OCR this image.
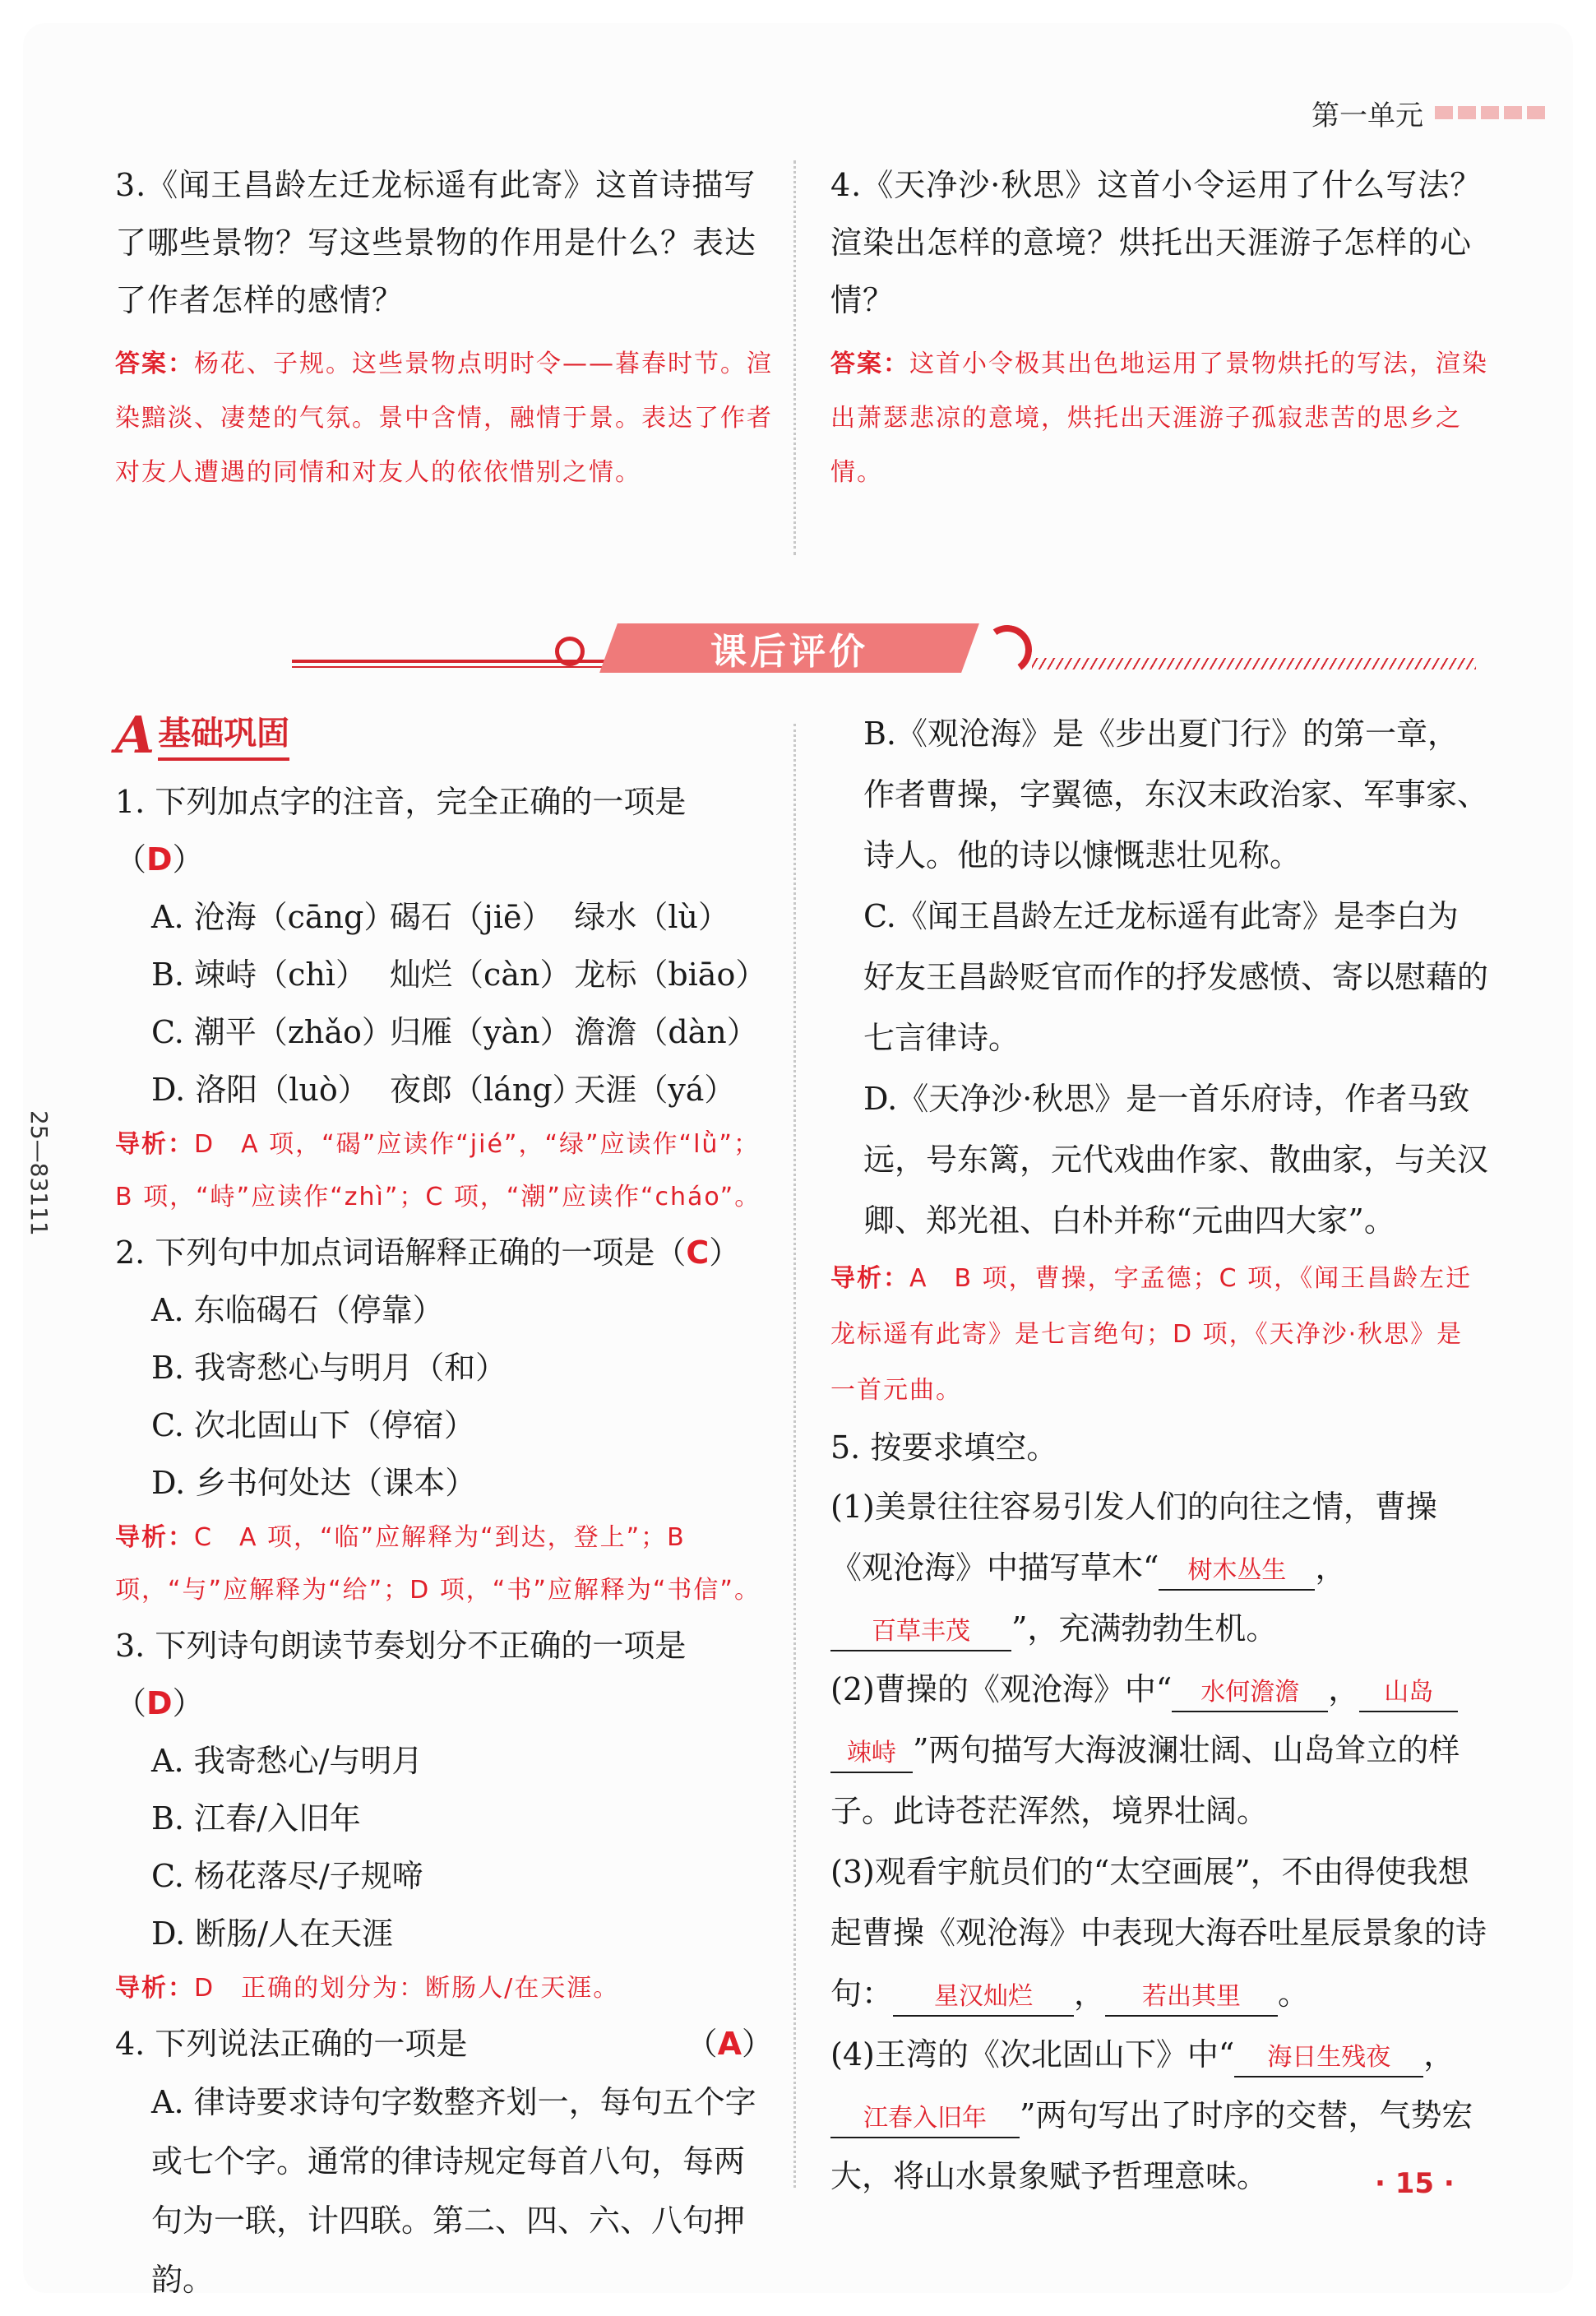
第一单元
3.《闻王昌龄左迁龙标遥有此寄》这首诗描写了哪些景物？写这些景物的作用是什么？表达了作者怎样的感情？
答案：杨花、子规。这些景物点明时令——暮春时节。渲染黯淡、凄楚的气氛。景中含情，融情于景。表达了作者对友人遭遇的同情和对友人的依依惜别之情。
4.《天净沙·秋思》这首小令运用了什么写法？渲染出怎样的意境？烘托出天涯游子怎样的心情？
答案：这首小令极其出色地运用了景物烘托的写法，渲染出萧瑟悲凉的意境，烘托出天涯游子孤寂悲苦的思乡之情。
课后评价
A 基础巩固
1. 下列加点字的注音，完全正确的一项是（D）
A. 沧海（cāng）
碣石（jiē） 绿水（lù）
B. 竦峙（chì） 灿烂（càn） 龙标（biāo）
C. 潮平（zhǎo）
归雁（yàn） 澹澹（dàn）
D. 洛阳（luò） 夜郎（láng）
天涯（yá）
导析：D　A 项，“碣”应读作“jié”，“绿”应读作“lǜ”；B 项，“峙”应读作“zhì”；C 项，“潮”应读作“cháo”。
2. 下列句中加点词语解释正确的一项是（C）
A. 东临碣石（停靠）
B. 我寄愁心与明月（和）
C. 次北固山下（停宿）
D. 乡书何处达（课本）
导析：C　A 项，“临”应解释为“到达，登上”；B 项，“与”应解释为“给”；D 项，“书”应解释为“书信”。
3. 下列诗句朗读节奏划分不正确的一项是（D）
A. 我寄愁心/与明月
B. 江春/入旧年
C. 杨花落尽/子规啼
D. 断肠/人在天涯
导析：D　正确的划分为：断肠人/在天涯。
4. 下列说法正确的一项是	（A）
A. 律诗要求诗句字数整齐划一，每句五个字或七个字。通常的律诗规定每首八句，每两句为一联，计四联。第二、四、六、八句押韵。
B.《观沧海》是《步出夏门行》的第一章，作者曹操，字翼德，东汉末政治家、军事家、诗人。他的诗以慷慨悲壮见称。
C.《闻王昌龄左迁龙标遥有此寄》是李白为好友王昌龄贬官而作的抒发感愤、寄以慰藉的七言律诗。
D.《天净沙·秋思》是一首乐府诗，作者马致远，号东篱，元代戏曲作家、散曲家，与关汉卿、郑光祖、白朴并称“元曲四大家”。
导析：A　B 项，曹操，字孟德；C 项，《闻王昌龄左迁龙标遥有此寄》是七言绝句；D 项，《天净沙·秋思》是一首元曲。
5. 按要求填空。
(1)美景往往容易引发人们的向往之情，曹操《观沧海》中描写草木“ 树木丛生 ，
百草丰茂 ”，充满勃勃生机。
(2)曹操的《观沧海》中“ 水何澹澹 ， 山岛
竦峙 ”两句描写大海波澜壮阔、山岛耸立的样子。此诗苍茫浑然，境界壮阔。
(3)观看宇航员们的“太空画展”，不由得使我想起曹操《观沧海》中表现大海吞吐星辰景象的诗句： 星汉灿烂 ， 若出其里 。
(4)王湾的《次北固山下》中“ 海日生残夜 ，
江春入旧年 ”两句写出了时序的交替，气势宏大，将山水景象赋予哲理意味。
25—83111
· 15 ·
